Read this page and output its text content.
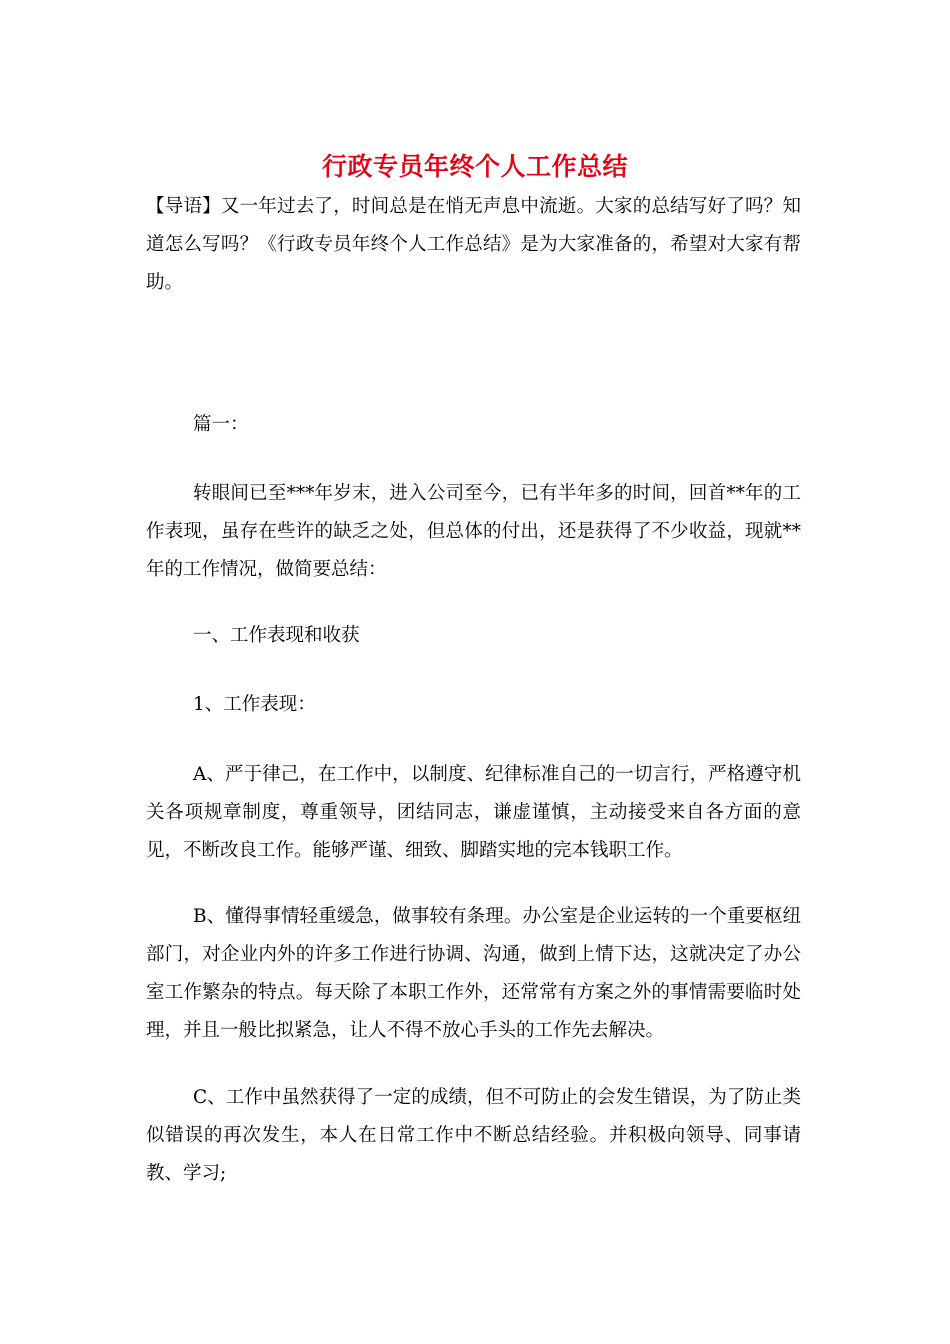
行政专员年终个人工作总结

【导语】又一年过去了，时间总是在悄无声息中流逝。大家的总结写好了吗？知道怎么写吗？《行政专员年终个人工作总结》是为大家准备的，希望对大家有帮助。

篇一：

转眼间已至***年岁末，进入公司至今，已有半年多的时间，回首**年的工作表现，虽存在些许的缺乏之处，但总体的付出，还是获得了不少收益，现就**年的工作情况，做简要总结：

一、工作表现和收获

1、工作表现：

A、严于律己，在工作中，以制度、纪律标准自己的一切言行，严格遵守机关各项规章制度，尊重领导，团结同志，谦虚谨慎，主动接受来自各方面的意见，不断改良工作。能够严谨、细致、脚踏实地的完本钱职工作。

B、懂得事情轻重缓急，做事较有条理。办公室是企业运转的一个重要枢纽部门，对企业内外的许多工作进行协调、沟通，做到上情下达，这就决定了办公室工作繁杂的特点。每天除了本职工作外，还常常有方案之外的事情需要临时处理，并且一般比拟紧急，让人不得不放心手头的工作先去解决。

C、工作中虽然获得了一定的成绩，但不可防止的会发生错误，为了防止类似错误的再次发生，本人在日常工作中不断总结经验。并积极向领导、同事请教、学习;
